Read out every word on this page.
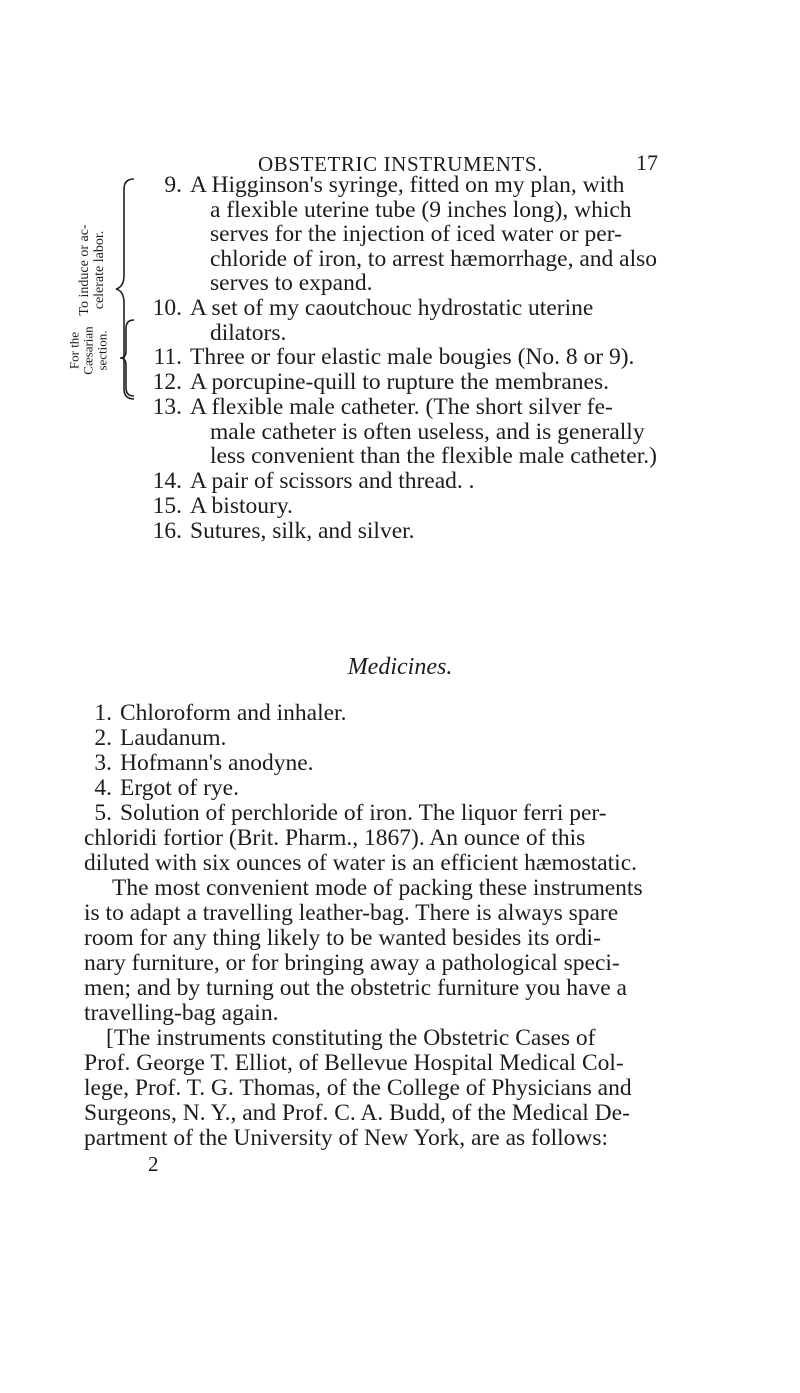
OBSTETRIC INSTRUMENTS.	17
To induce or ac- celerate labor.
For the Cæsarian section.
9. A Higginson's syringe, fitted on my plan, with
a flexible uterine tube (9 inches long), which
serves for the injection of iced water or per-
chloride of iron, to arrest hæmorrhage, and also
serves to expand.
10. A set of my caoutchouc hydrostatic uterine
dilators.
11. Three or four elastic male bougies (No. 8 or 9).
12. A porcupine-quill to rupture the membranes.
13. A flexible male catheter. (The short silver fe-
male catheter is often useless, and is generally
less convenient than the flexible male catheter.)
14. A pair of scissors and thread. .
15. A bistoury.
16. Sutures, silk, and silver.
Medicines.
1. Chloroform and inhaler.
2. Laudanum.
3. Hofmann's anodyne.
4. Ergot of rye.
5. Solution of perchloride of iron. The liquor ferri per-
chloridi fortior (Brit. Pharm., 1867). An ounce of this
diluted with six ounces of water is an efficient hæmostatic.
The most convenient mode of packing these instruments
is to adapt a travelling leather-bag. There is always spare
room for any thing likely to be wanted besides its ordi-
nary furniture, or for bringing away a pathological speci-
men; and by turning out the obstetric furniture you have a
travelling-bag again.
[The instruments constituting the Obstetric Cases of
Prof. George T. Elliot, of Bellevue Hospital Medical Col-
lege, Prof. T. G. Thomas, of the College of Physicians and
Surgeons, N. Y., and Prof. C. A. Budd, of the Medical De-
partment of the University of New York, are as follows:
2
